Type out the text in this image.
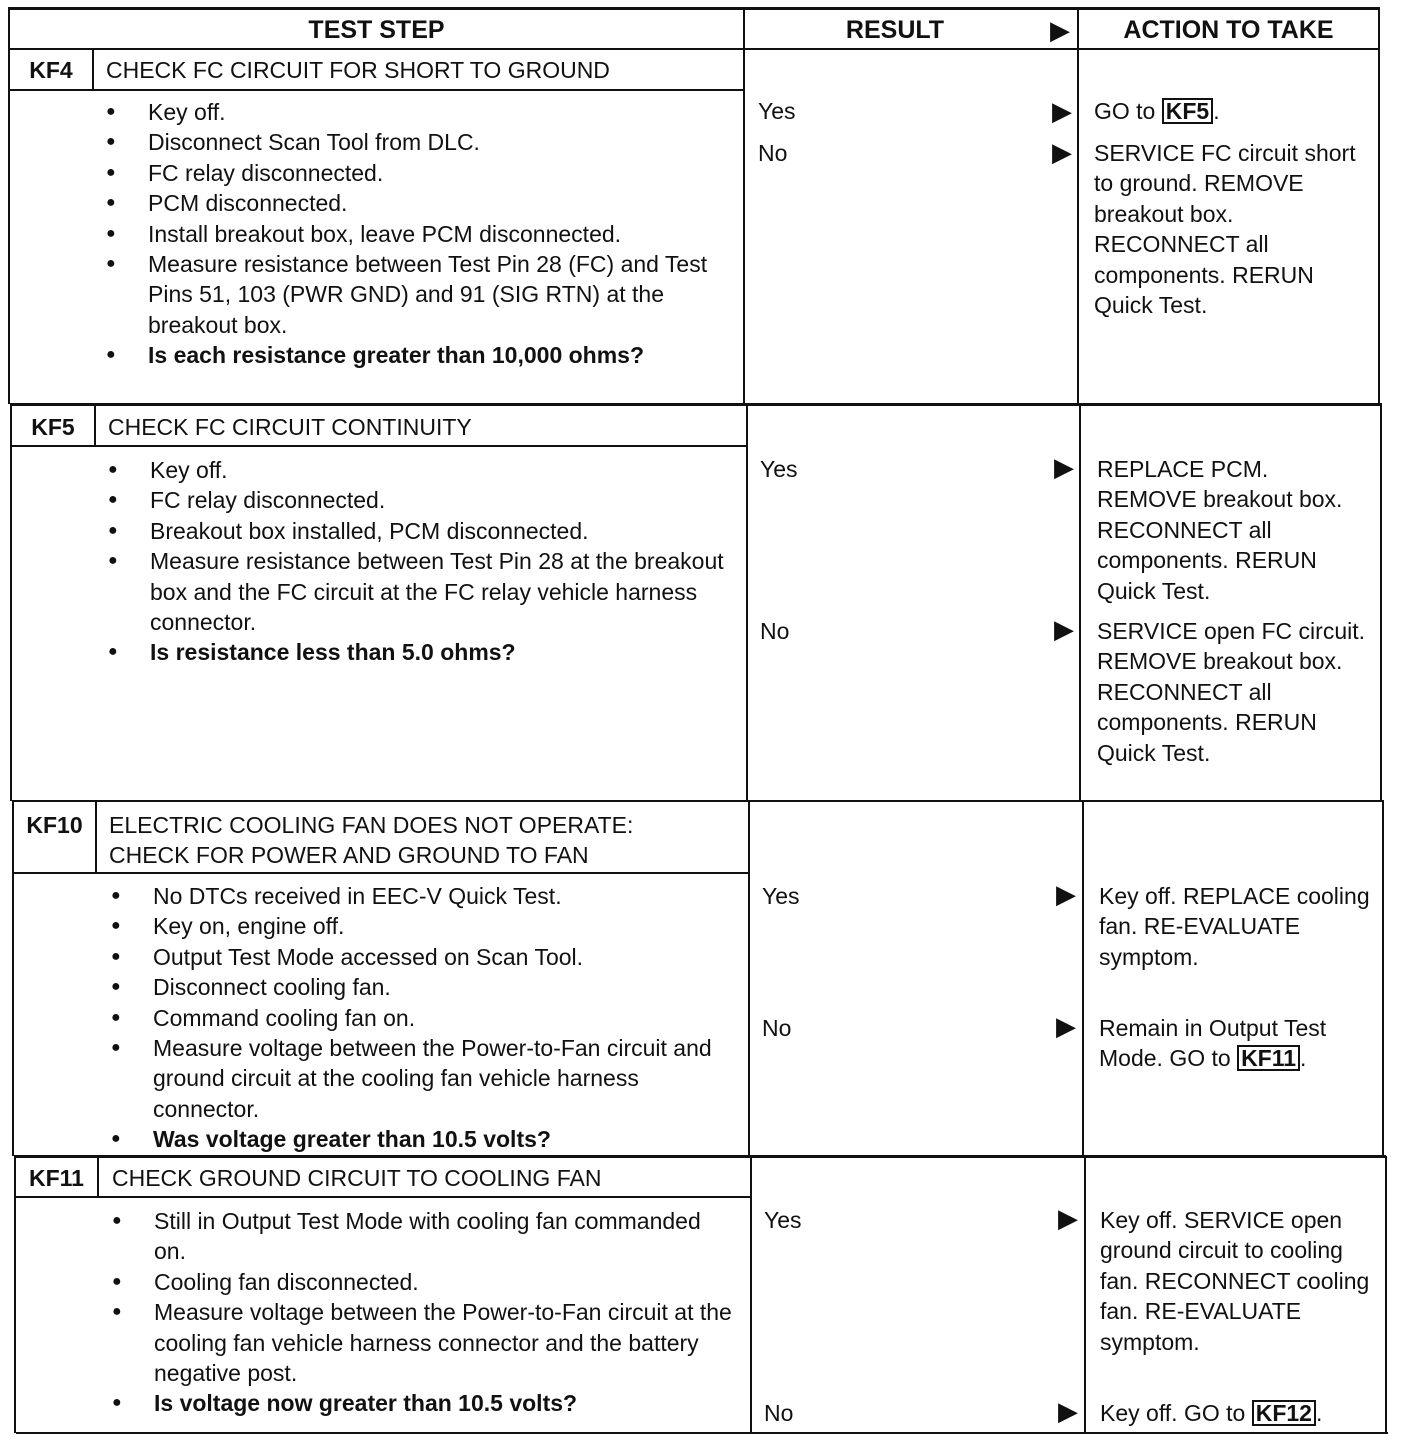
TEST STEP	RESULT	▶	ACTION TO TAKE
KF4	CHECK FC CIRCUIT FOR SHORT TO GROUND
● Key off.
● Disconnect Scan Tool from DLC.
● FC relay disconnected.
● PCM disconnected.
● Install breakout box, leave PCM disconnected.
● Measure resistance between Test Pin 28 (FC) and Test Pins 51, 103 (PWR GND) and 91 (SIG RTN) at the breakout box.
● Is each resistance greater than 10,000 ohms?
Yes	▶ GO to KF5 .
No	▶ SERVICE FC circuit short to ground. REMOVE breakout box. RECONNECT all components. RERUN Quick Test.
KF5	CHECK FC CIRCUIT CONTINUITY
● Key off.
● FC relay disconnected.
● Breakout box installed, PCM disconnected.
● Measure resistance between Test Pin 28 at the breakout box and the FC circuit at the FC relay vehicle harness connector.
● Is resistance less than 5.0 ohms?
Yes	▶ REPLACE PCM. REMOVE breakout box. RECONNECT all components. RERUN Quick Test.
No	▶ SERVICE open FC circuit. REMOVE breakout box. RECONNECT all components. RERUN Quick Test.
KF10	ELECTRIC COOLING FAN DOES NOT OPERATE:
CHECK FOR POWER AND GROUND TO FAN
● No DTCs received in EEC-V Quick Test.
● Key on, engine off.
● Output Test Mode accessed on Scan Tool.
● Disconnect cooling fan.
● Command cooling fan on.
● Measure voltage between the Power-to-Fan circuit and ground circuit at the cooling fan vehicle harness connector.
● Was voltage greater than 10.5 volts?
Yes	▶ Key off. REPLACE cooling fan. RE-EVALUATE symptom.
No	▶ Remain in Output Test Mode. GO to KF11 .
KF11	CHECK GROUND CIRCUIT TO COOLING FAN
● Still in Output Test Mode with cooling fan commanded on.
● Cooling fan disconnected.
● Measure voltage between the Power-to-Fan circuit at the cooling fan vehicle harness connector and the battery negative post.
● Is voltage now greater than 10.5 volts?
Yes	▶ Key off. SERVICE open ground circuit to cooling fan. RECONNECT cooling fan. RE-EVALUATE symptom.
No	▶ Key off. GO to KF12 .
